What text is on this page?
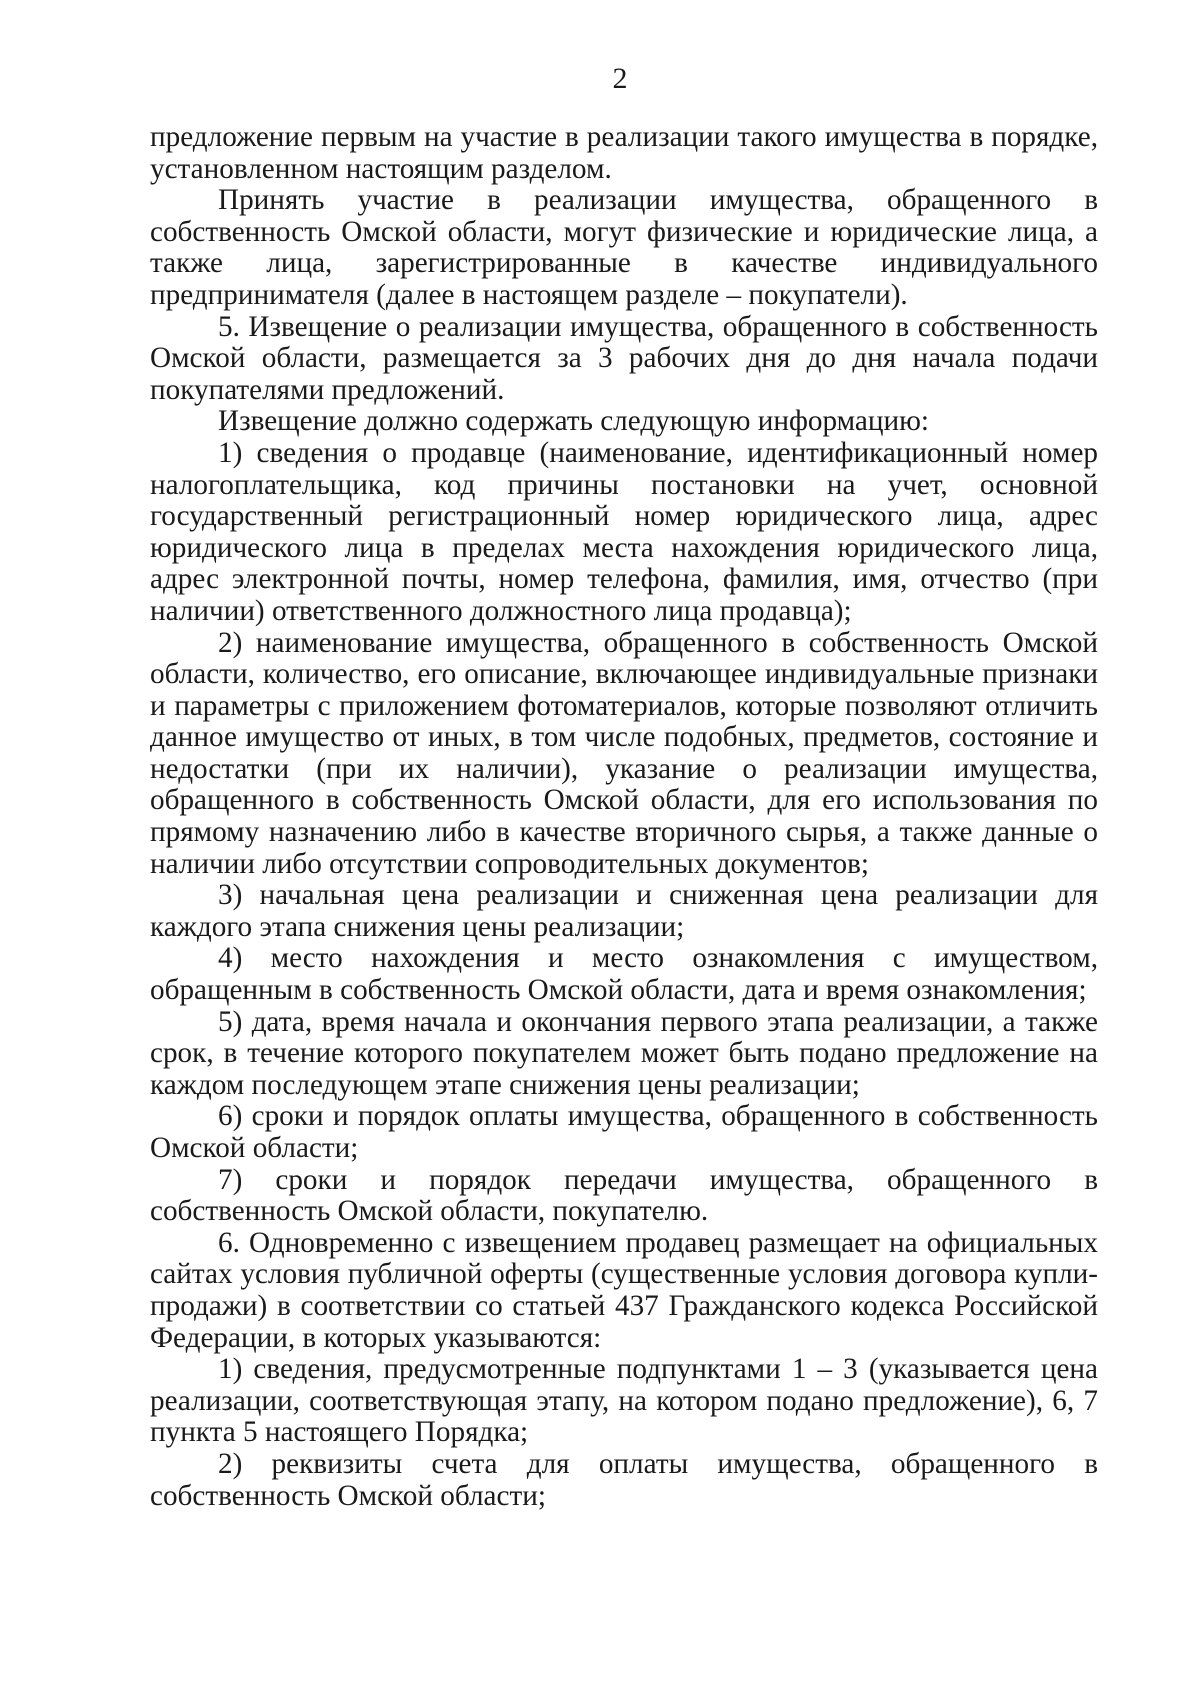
2

предложение первым на участие в реализации такого имущества в порядке, установленном настоящим разделом.

Принять участие в реализации имущества, обращенного в собственность Омской области, могут физические и юридические лица, а также лица, зарегистрированные в качестве индивидуального предпринимателя (далее в настоящем разделе – покупатели).

5. Извещение о реализации имущества, обращенного в собственность Омской области, размещается за 3 рабочих дня до дня начала подачи покупателями предложений.

Извещение должно содержать следующую информацию:

1) сведения о продавце (наименование, идентификационный номер налогоплательщика, код причины постановки на учет, основной государственный регистрационный номер юридического лица, адрес юридического лица в пределах места нахождения юридического лица, адрес электронной почты, номер телефона, фамилия, имя, отчество (при наличии) ответственного должностного лица продавца);

2) наименование имущества, обращенного в собственность Омской области, количество, его описание, включающее индивидуальные признаки и параметры с приложением фотоматериалов, которые позволяют отличить данное имущество от иных, в том числе подобных, предметов, состояние и недостатки (при их наличии), указание о реализации имущества, обращенного в собственность Омской области, для его использования по прямому назначению либо в качестве вторичного сырья, а также данные о наличии либо отсутствии сопроводительных документов;

3) начальная цена реализации и сниженная цена реализации для каждого этапа снижения цены реализации;

4) место нахождения и место ознакомления с имуществом, обращенным в собственность Омской области, дата и время ознакомления;

5) дата, время начала и окончания первого этапа реализации, а также срок, в течение которого покупателем может быть подано предложение на каждом последующем этапе снижения цены реализации;

6) сроки и порядок оплаты имущества, обращенного в собственность Омской области;

7) сроки и порядок передачи имущества, обращенного в собственность Омской области, покупателю.

6. Одновременно с извещением продавец размещает на официальных сайтах условия публичной оферты (существенные условия договора купли-продажи) в соответствии со статьей 437 Гражданского кодекса Российской Федерации, в которых указываются:

1) сведения, предусмотренные подпунктами 1 – 3 (указывается цена реализации, соответствующая этапу, на котором подано предложение), 6, 7 пункта 5 настоящего Порядка;

2) реквизиты счета для оплаты имущества, обращенного в собственность Омской области;
